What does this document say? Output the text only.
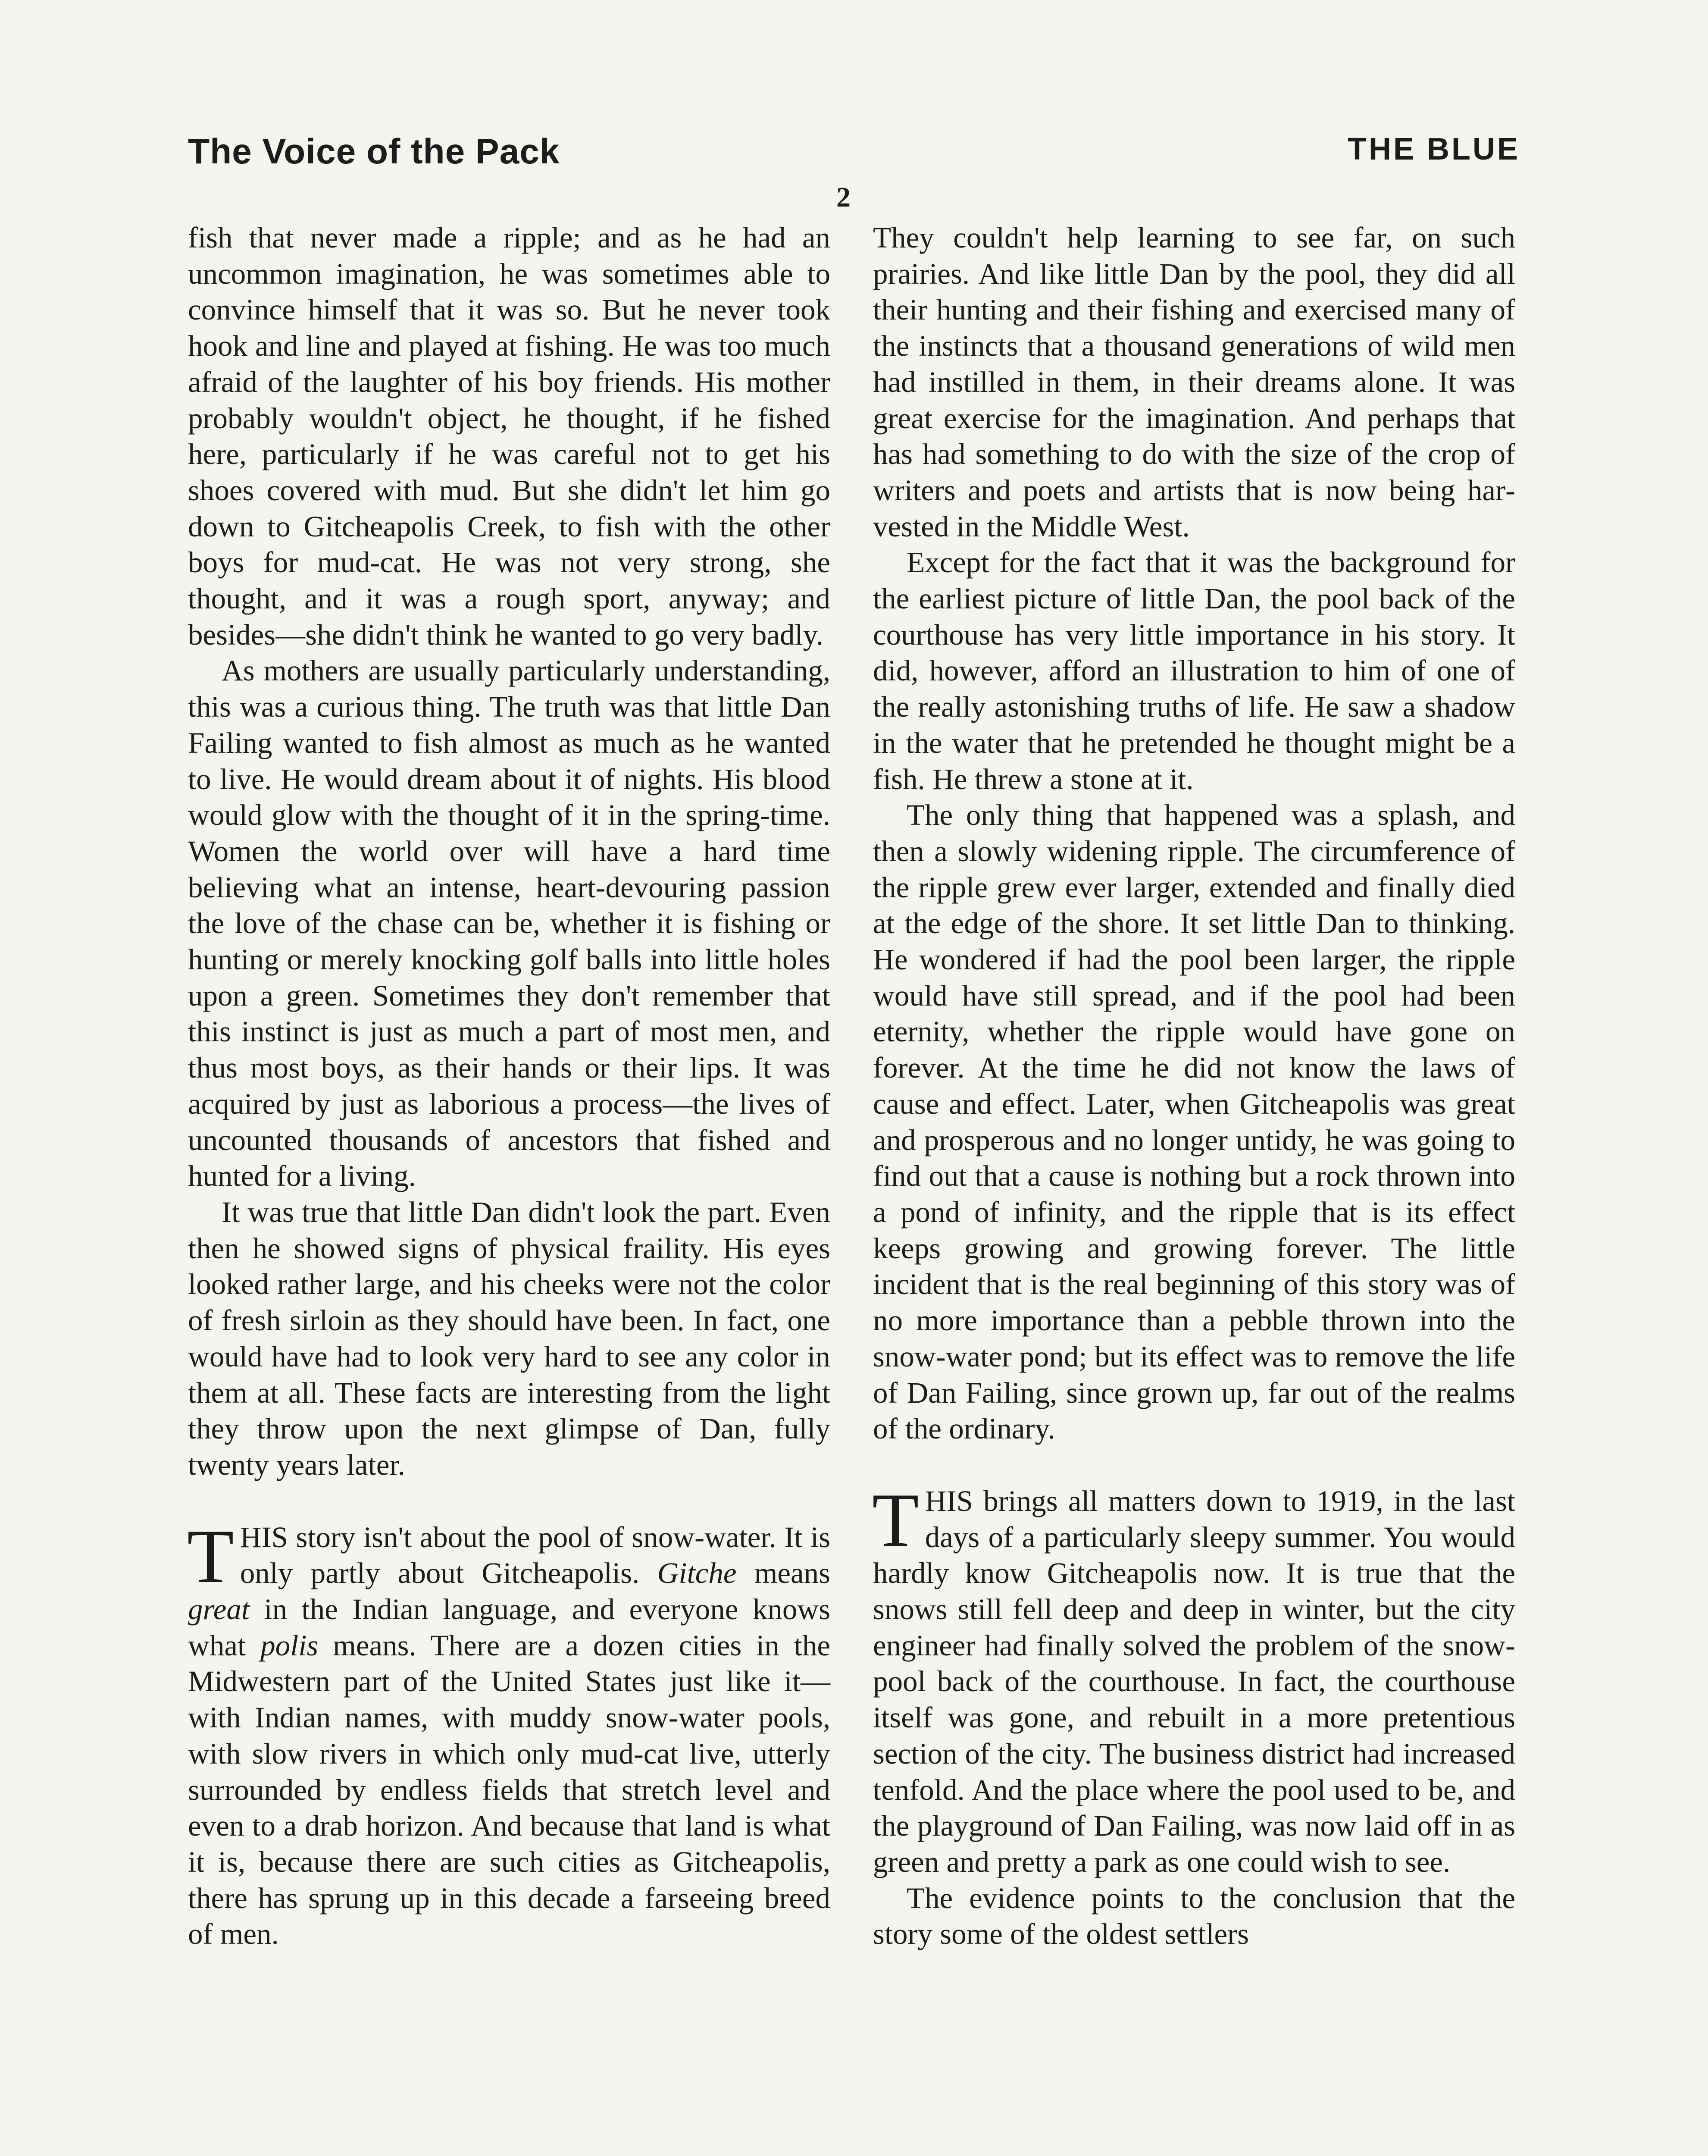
The Voice of the Pack	THE BLUE
2

fish that never made a ripple; and as he had an uncommon imagination, he was sometimes able to convince himself that it was so. But he never took hook and line and played at fishing. He was too much afraid of the laughter of his boy friends. His mother probably wouldn't object, he thought, if he fished here, particularly if he was careful not to get his shoes covered with mud. But she didn't let him go down to Gitcheapolis Creek, to fish with the other boys for mud-cat. He was not very strong, she thought, and it was a rough sport, anyway; and besides—she didn't think he wanted to go very badly.

As mothers are usually particularly understanding, this was a curious thing. The truth was that little Dan Failing wanted to fish almost as much as he wanted to live. He would dream about it of nights. His blood would glow with the thought of it in the spring-time. Women the world over will have a hard time believing what an intense, heart-devouring passion the love of the chase can be, whether it is fishing or hunting or merely knocking golf balls into little holes upon a green. Sometimes they don't remember that this instinct is just as much a part of most men, and thus most boys, as their hands or their lips. It was acquired by just as laborious a process—the lives of uncounted thousands of ancestors that fished and hunted for a living.

It was true that little Dan didn't look the part. Even then he showed signs of physical fraility. His eyes looked rather large, and his cheeks were not the color of fresh sirloin as they should have been. In fact, one would have had to look very hard to see any color in them at all. These facts are interesting from the light they throw upon the next glimpse of Dan, fully twenty years later.

THIS story isn't about the pool of snow-water. It is only partly about Gitcheapolis. Gitche means great in the Indian language, and everyone knows what polis means. There are a dozen cities in the Midwestern part of the United States just like it—with Indian names, with muddy snow-water pools, with slow rivers in which only mud-cat live, utterly surrounded by endless fields that stretch level and even to a drab horizon. And because that land is what it is, because there are such cities as Gitcheapolis, there has sprung up in this decade a farseeing breed of men.

They couldn't help learning to see far, on such prairies. And like little Dan by the pool, they did all their hunting and their fishing and exercised many of the instincts that a thousand generations of wild men had instilled in them, in their dreams alone. It was great exercise for the imagination. And perhaps that has had something to do with the size of the crop of writers and poets and artists that is now being harvested in the Middle West.

Except for the fact that it was the background for the earliest picture of little Dan, the pool back of the courthouse has very little importance in his story. It did, however, afford an illustration to him of one of the really astonishing truths of life. He saw a shadow in the water that he pretended he thought might be a fish. He threw a stone at it.

The only thing that happened was a splash, and then a slowly widening ripple. The circumference of the ripple grew ever larger, extended and finally died at the edge of the shore. It set little Dan to thinking. He wondered if had the pool been larger, the ripple would have still spread, and if the pool had been eternity, whether the ripple would have gone on forever. At the time he did not know the laws of cause and effect. Later, when Gitcheapolis was great and prosperous and no longer untidy, he was going to find out that a cause is nothing but a rock thrown into a pond of infinity, and the ripple that is its effect keeps growing and growing forever. The little incident that is the real beginning of this story was of no more importance than a pebble thrown into the snow-water pond; but its effect was to remove the life of Dan Failing, since grown up, far out of the realms of the ordinary.

THIS brings all matters down to 1919, in the last days of a particularly sleepy summer. You would hardly know Gitcheapolis now. It is true that the snows still fell deep and deep in winter, but the city engineer had finally solved the problem of the snow-pool back of the courthouse. In fact, the courthouse itself was gone, and rebuilt in a more pretentious section of the city. The business district had increased tenfold. And the place where the pool used to be, and the playground of Dan Failing, was now laid off in as green and pretty a park as one could wish to see.

The evidence points to the conclusion that the story some of the oldest settlers
